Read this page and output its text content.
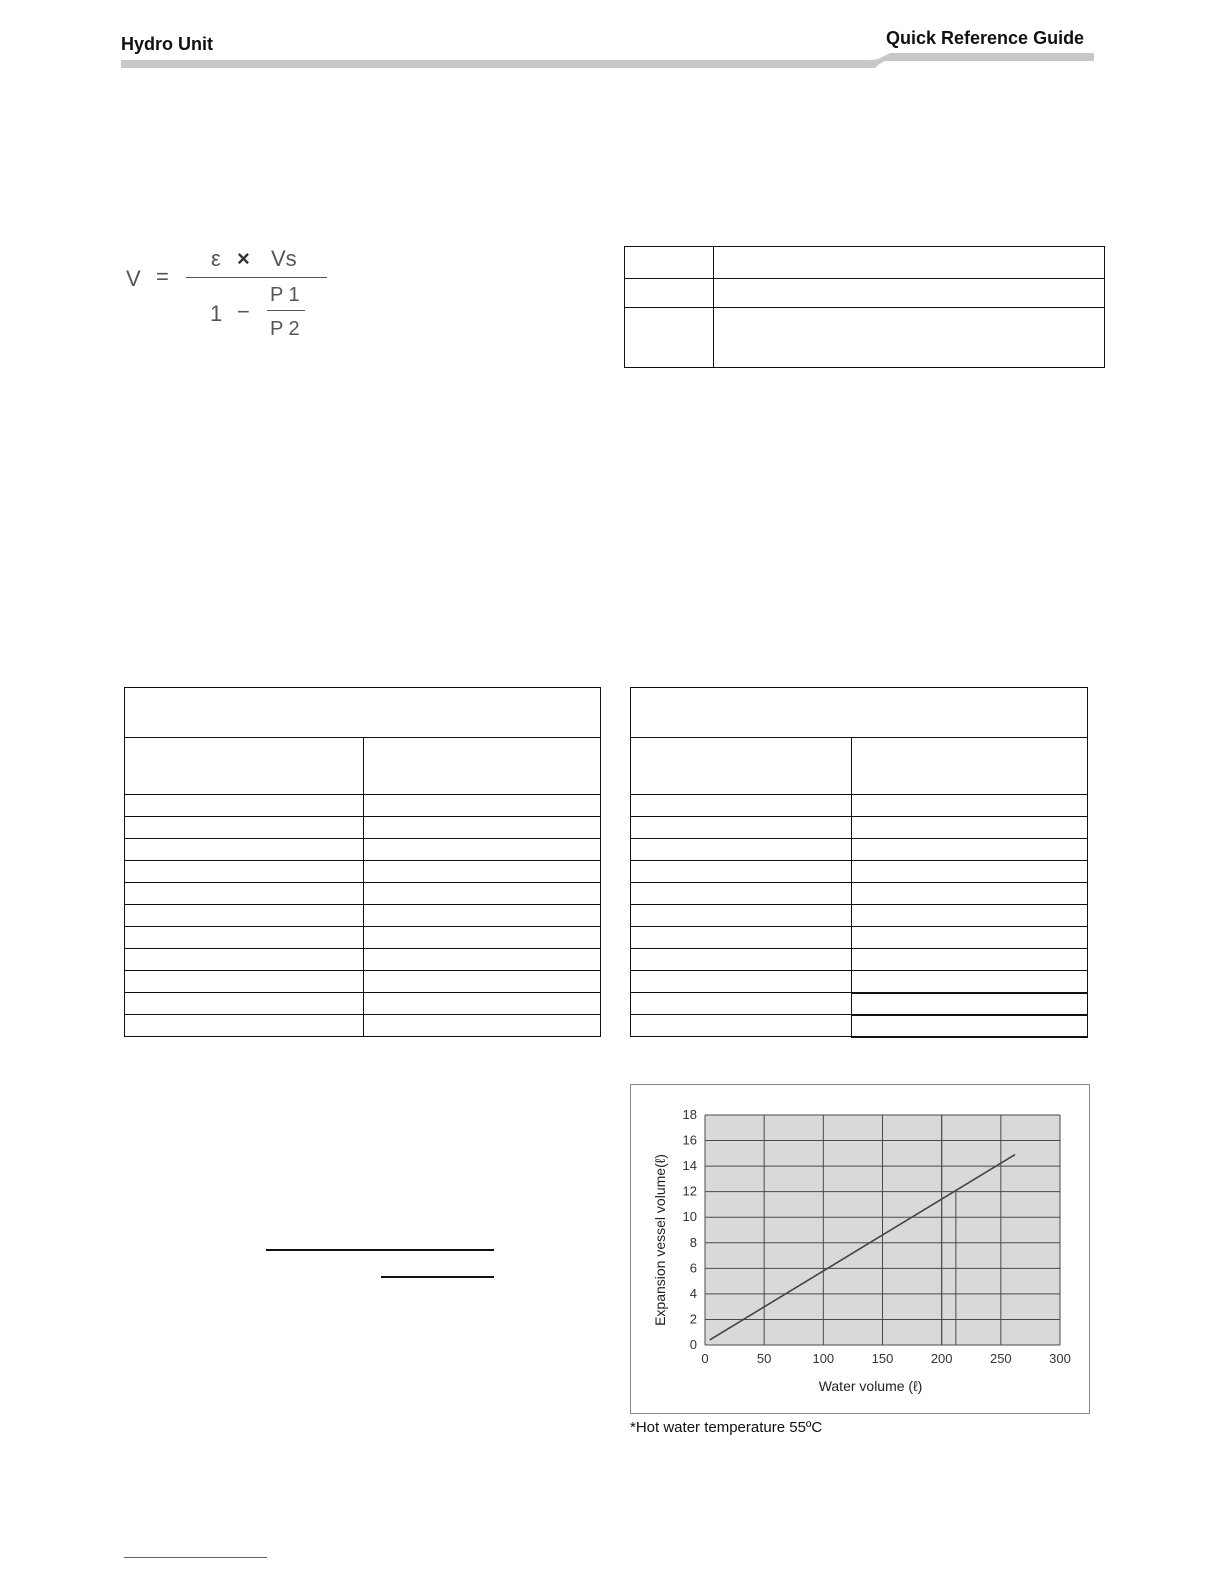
Hydro Unit	Quick Reference Guide
V =
ε × Vs
1 −
P 1
P 2

0	50	100	150	200	250	300
0
2
4
6
8
10
12
14
16
18
Water volume (ℓ)
Expansion vessel volume(ℓ)
*Hot water temperature 55ºC
